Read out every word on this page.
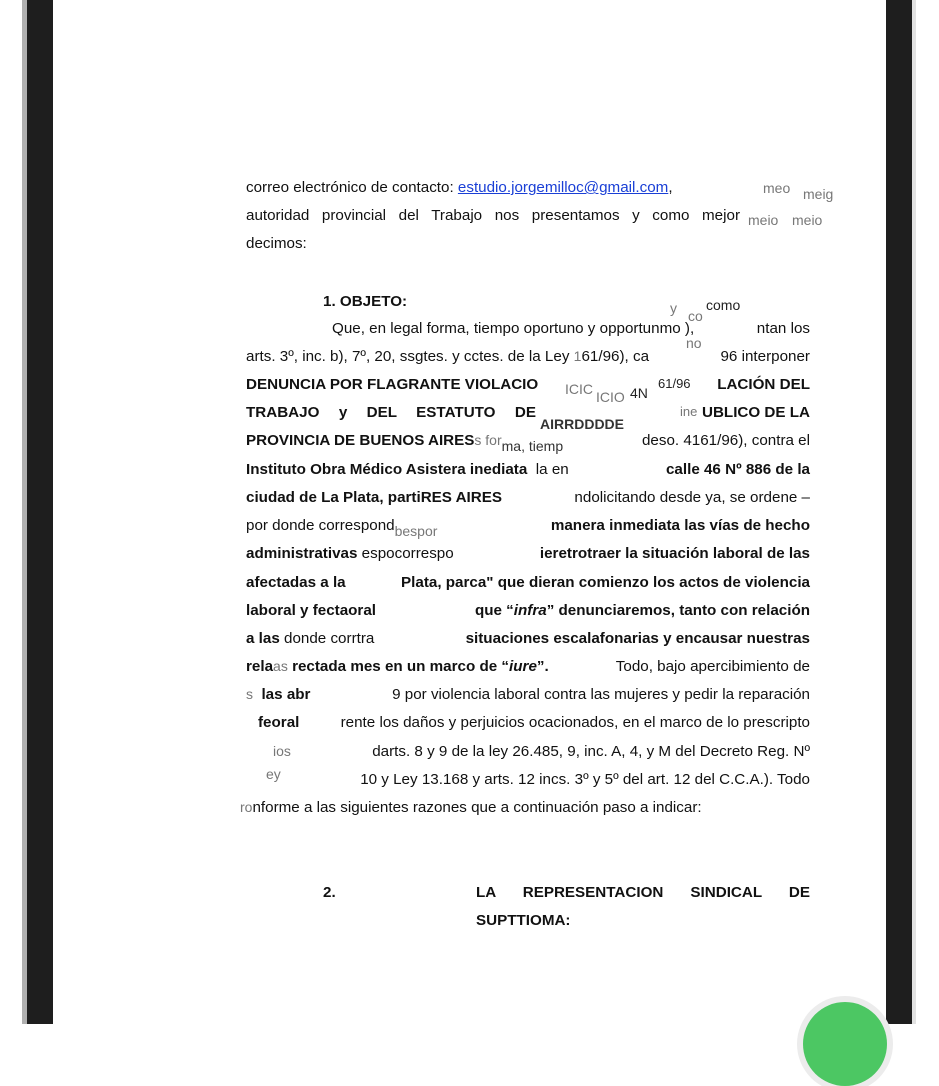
correo electrónico de contacto: estudio.jorgemilloc@gmail.com,	meo meig
autoridad provincial del Trabajo nos presentamos y como mejor meio meio
decimos:
1. OBJETO:	y como
co
Que, en legal forma, tiempo oportuno y opportunmo ),	ntan los
no
arts. 3º, inc. b), 7º, 20, ssgtes. y cctes. de la Ley 161/96), ca	96 interponer
DENUNCIA POR FLAGRANTE VIOLACIO	LACIÓN DEL
ICIC ICIO 4N
61/96
TRABAJO y DEL ESTATUTO DE	UBLICO DE LA
AIRRDDDDE
ine
PROVINCIA DE BUENOS AIRESs forma, tiemp	deso. 4161/96), contra el
Instituto Obra Médico Asistera inediata la en	calle 46 Nº 886 de la
ciudad de La Plata, partiRES AIRES	ndolicitando desde ya, se ordene –
por donde correspondbespor	manera inmediata las vías de hecho
administrativas espocorrespo	ieretrotraer la situación laboral de las
afectadas a la	Plata, parca" que dieran comienzo los actos de violencia
laboral y fectaoral	que “infra” denunciaremos, tanto con relación
a las donde corrtra	situaciones escalafonarias y encausar nuestras
relaas rectada mes en un marco de “iure”.	Todo, bajo apercibimiento de
s las abr	9 por violencia laboral contra las mujeres y pedir la reparación
feoral	rente los daños y perjuicios ocacionados, en el marco de lo prescripto
ios	darts. 8 y 9 de la ley 26.485, 9, inc. A, 4, y M del Decreto Reg. Nº
ey	10 y Ley 13.168 y arts. 12 incs. 3º y 5º del art. 12 del C.C.A.). Todo
ronforme a las siguientes razones que a continuación paso a indicar:
2.	LA REPRESENTACION SINDICAL DE
SUPTTIOMA:
